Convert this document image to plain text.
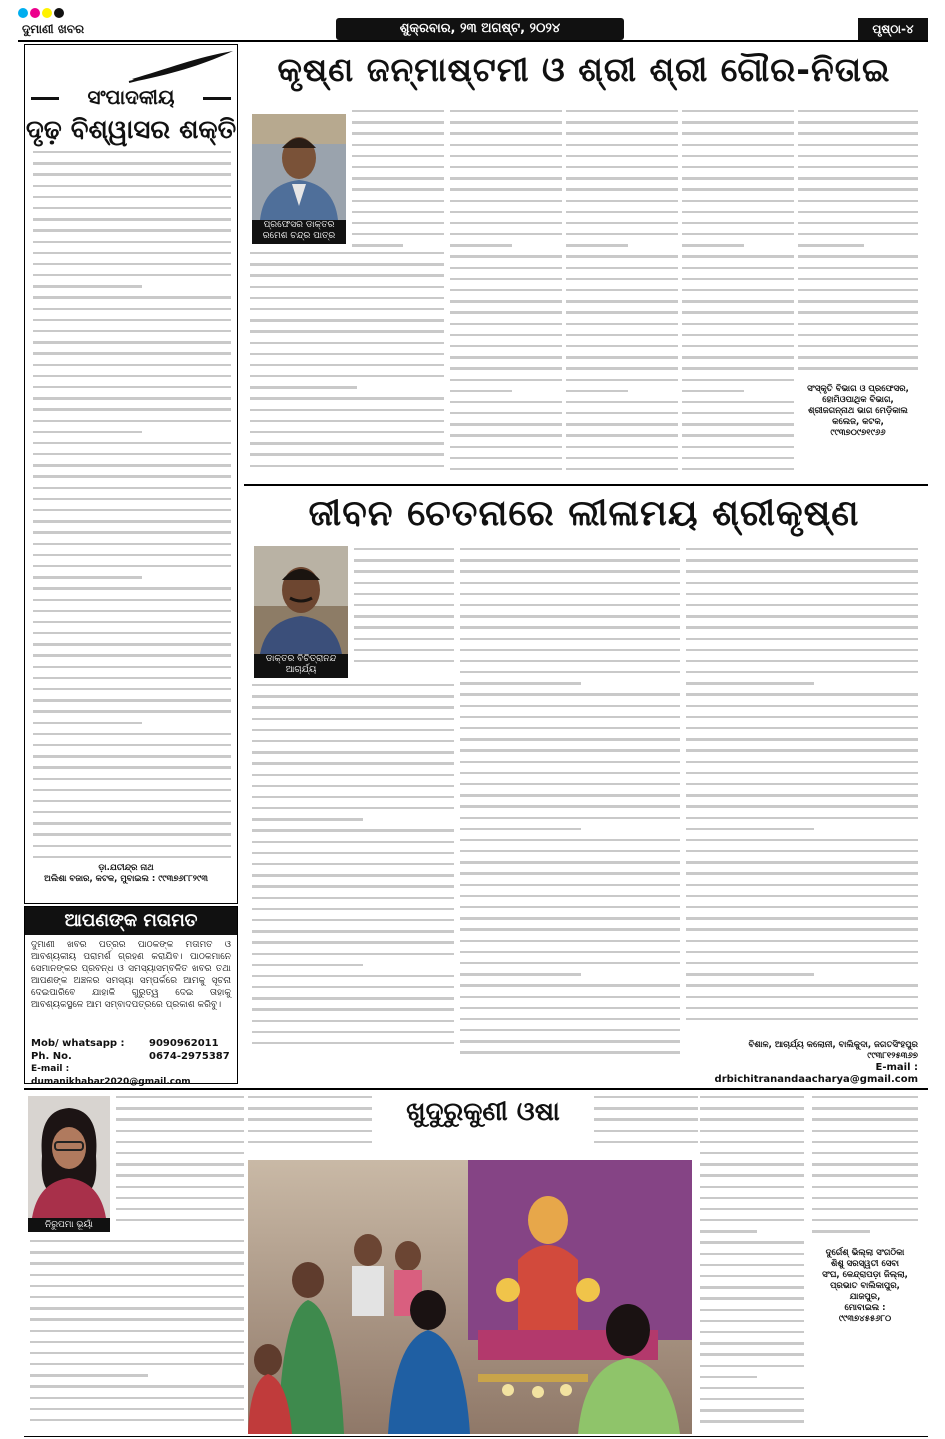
ଦୁମାଣୀ ଖବର	ଶୁକ୍ରବାର, ୨୩ ଅଗଷ୍ଟ, ୨୦୨୪	ପୃଷ୍ଠା-୪
ସଂପାଦକୀୟ
ଦୃଢ଼ ବିଶ୍ୱାସର ଶକ୍ତି
ଡ଼ା.ଯତୀନ୍ଦ୍ର ନାଥ
ଅଲିଶା ବଜାର, କଟକ, ମୁବାଇଲ : ୯୯୩୭୬୮୮୨୯୩
ଆପଣଙ୍କ ମତାମତ
ଦୁମାଣୀ ଖବର ପତ୍ରର ପାଠକଙ୍କ ମତାମତ ଓ ଆବଶ୍ୟକୀୟ ପରାମର୍ଶ ଗ୍ରହଣ କରାଯିବ। ପାଠକମାନେ ସେମାନଙ୍କର ପ୍ରବନ୍ଧ ଓ ସମସ୍ୟାସମ୍ବଳିତ ଖବର ତଥା ଆପଣଙ୍କ ଅଞ୍ଚଳର ସମସ୍ୟା ସମ୍ପର୍କରେ ଆମକୁ ସୂଚନା ଦେଇପାରିବେ ଯାହାକି ଗୁରୁତ୍ୱ ଦେଇ ତାହାକୁ ଆବଶ୍ୟକସ୍ଥଳେ ଆମ ସମ୍ବାଦପତ୍ରରେ ପ୍ରକାଶ କରିବୁ।
Mob/ whatsapp : 9090962011
Ph. No.	0674-2975387
E-mail : dumanikhabar2020@gmail.com
କୃଷ୍ଣ ଜନ୍ମାଷ୍ଟମୀ ଓ ଶ୍ରୀ ଶ୍ରୀ ଗୌର-ନିତାଇ
ପ୍ରଫେସର ଡାକ୍ତର
ରମେଶ ଚନ୍ଦ୍ର ପାତ୍ର
ସଂସ୍କୃତି ବିଭାଗ ଓ ପ୍ରଫେସର,
ହୋମିଓପାଥିକ ବିଭାଗ,
ଶ୍ରୀଜଗନ୍ନାଥ ଭାଗ ମେଡ଼ିକାଲ
କଲେଜ, କଟକ,
୯୯୩୭୦୯୭୧୯୬୬
ଜୀବନ ଚେତନାରେ ଲୀଳାମୟ ଶ୍ରୀକୃଷ୍ଣ
ଡାକ୍ତର ବିଚିତ୍ରାନନ୍ଦ
ଆଚାର୍ଯ୍ୟ
ବିଶାଳ, ଆଚାର୍ଯ୍ୟ କଲୋନୀ, ବାଲିକୁଦା, ଜଗତସିଂହପୁର
୯୯୩୮୧୨୫୩୬୭
E-mail :
drbichitranandaacharya@gmail.com
ନିରୁପମା ଭୂୟାଁ
ଖୁଦୁରୁକୁଣୀ ଓଷା
ଦୁର୍ଗେଶ୍ ଭିଲ୍ଲା ସଂଗଠିକା
ଶିଶୁ ସରସ୍ୱତୀ ସେବା
ସଂଘ, କେନ୍ଦ୍ରାପଡ଼ା ଜିଲ୍ଲା,
ପ୍ରଭାତ ବାଲିକାପୁର,
ଯାଜପୁର,
ମୋବାଇଲ :
୯୯୩୭୪୫୫୬୮୦
